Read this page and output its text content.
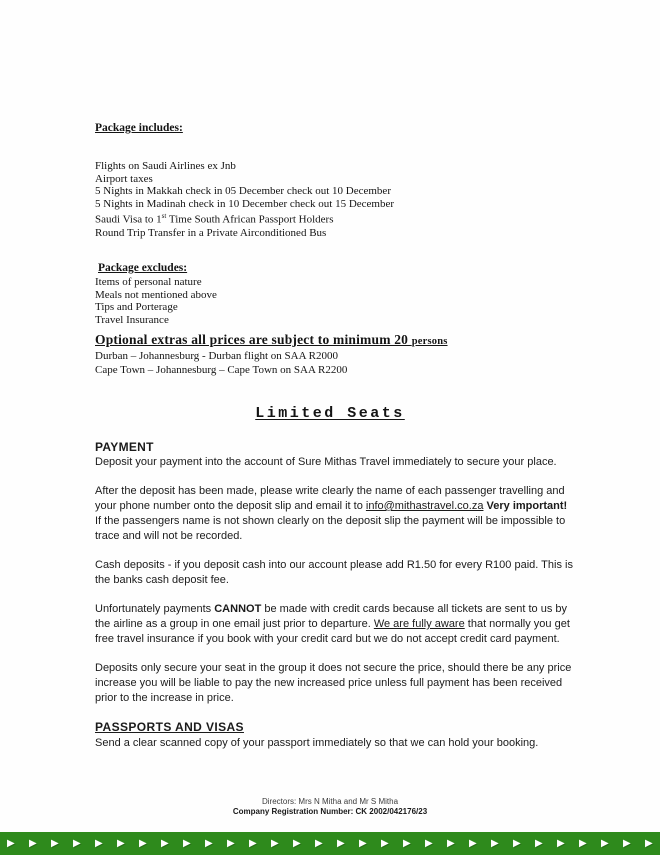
Package includes:
Flights on Saudi Airlines ex Jnb
Airport taxes
5 Nights in Makkah check in 05 December check out 10 December
5 Nights in Madinah check in 10 December check out 15 December
Saudi Visa to 1st Time South African Passport Holders
Round Trip Transfer in a Private Airconditioned Bus
Package excludes:
Items of personal nature
Meals not mentioned above
Tips and Porterage
Travel Insurance
Optional extras all prices are subject to minimum 20 persons
Durban – Johannesburg - Durban flight on SAA R2000
Cape Town – Johannesburg – Cape Town on SAA R2200
Limited Seats
PAYMENT

Deposit your payment into the account of Sure Mithas Travel immediately to secure your place.

After the deposit has been made, please write clearly the name of each passenger travelling and your phone number onto the deposit slip and email it to info@mithastravel.co.za Very important! If the passengers name is not shown clearly on the deposit slip the payment will be impossible to trace and will not be recorded.

Cash deposits - if you deposit cash into our account please add R1.50 for every R100 paid. This is the banks cash deposit fee.

Unfortunately payments CANNOT be made with credit cards because all tickets are sent to us by the airline as a group in one email just prior to departure. We are fully aware that normally you get free travel insurance if you book with your credit card but we do not accept credit card payment.

Deposits only secure your seat in the group it does not secure the price, should there be any price increase you will be liable to pay the new increased price unless full payment has been received prior to the increase in price.

PASSPORTS AND VISAS

Send a clear scanned copy of your passport immediately so that we can hold your booking.

Directors: Mrs N Mitha and Mr S Mitha
Company Registration Number: CK 2002/042176/23
▶ ▶ ▶ ▶ ▶ ▶ ▶ ▶ ▶ ▶ ▶ ▶ ▶ ▶ ▶ ▶ ▶ ▶ ▶ ▶ ▶ ▶ ▶ ▶ ▶ ▶ ▶ ▶ ▶ ▶
